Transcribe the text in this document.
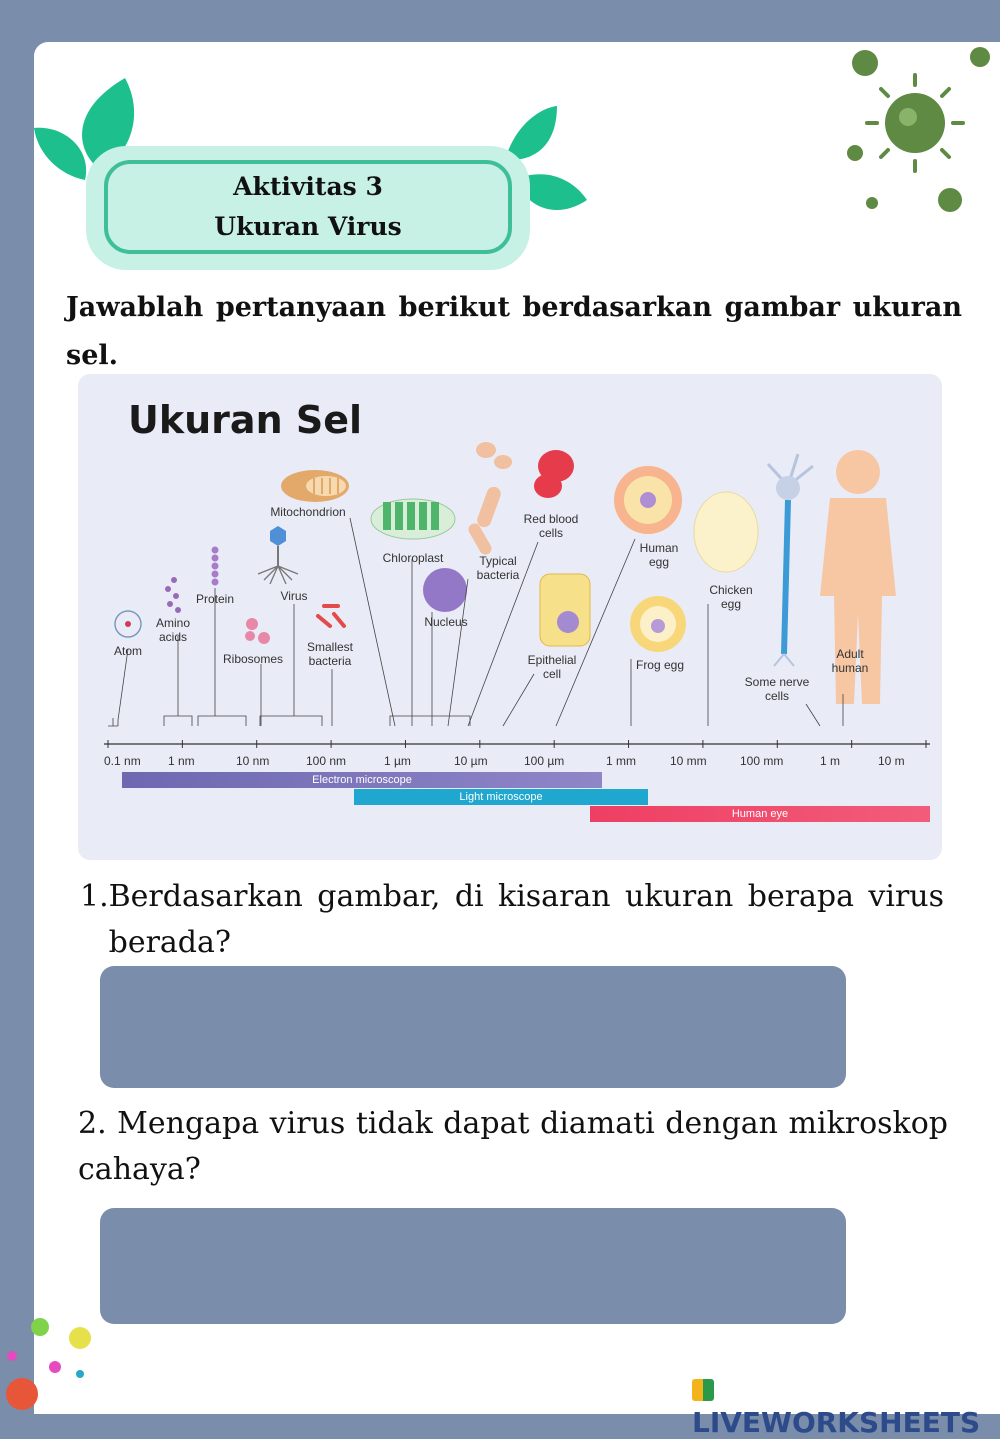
Aktivitas 3
Ukuran Virus
Jawablah pertanyaan berikut berdasarkan gambar ukuran sel.
Ukuran Sel
Atom
Amino acids
Protein
Ribosomes
Virus
Mitochondrion
Smallest bacteria
Chloroplast
Nucleus
Typical bacteria
Red blood cells
Epithelial cell
Human egg
Frog egg
Chicken egg
Some nerve cells
Adult human
0.1 nm 1 nm	10 nm	100 nm	1 µm	10 µm	100 µm	1 mm	10 mm	100 mm	1 m	10 m
Electron microscope
Light microscope
Human eye
1. Berdasarkan gambar, di kisaran ukuran berapa virus berada?
2. Mengapa virus tidak dapat diamati dengan mikroskop cahaya?
LIVEWORKSHEETS
